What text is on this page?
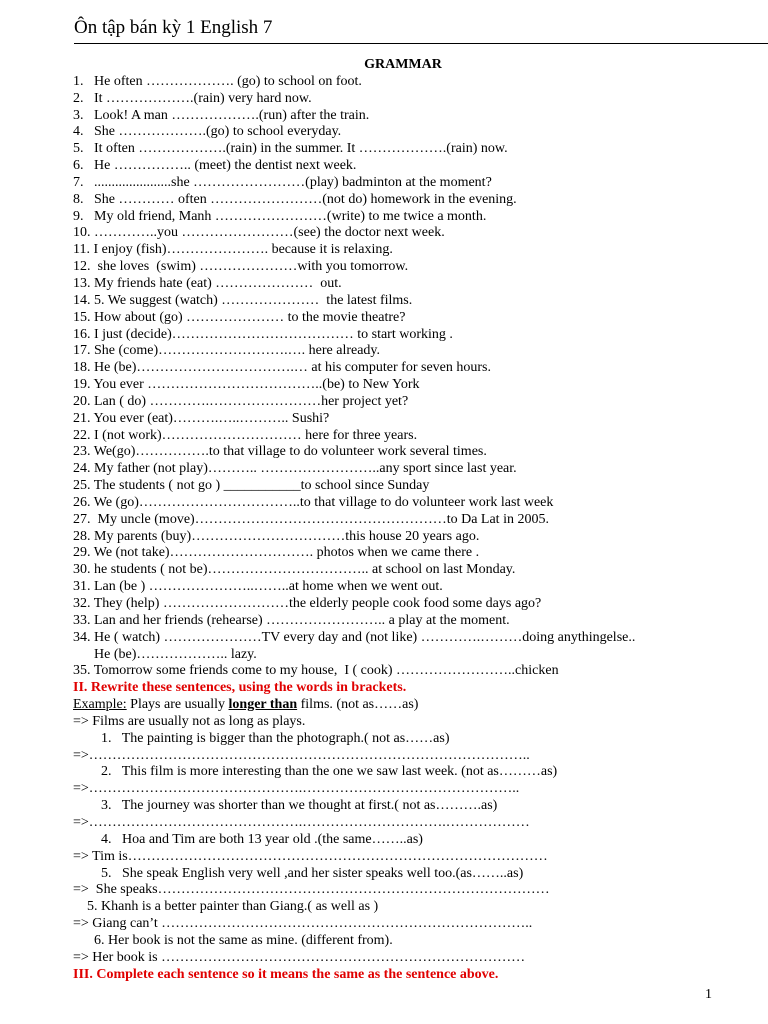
Ôn tập bán kỳ 1 English 7
GRAMMAR
1.   He often ………………. (go) to school on foot.
2.   It ……………….(rain) very hard now.
3.   Look! A man ……………….(run) after the train.
4.   She ……………….(go) to school everyday.
5.   It often ……………….(rain) in the summer. It ……………….(rain) now.
6.   He …………….. (meet) the dentist next week.
7.   ......................she ……………………(play) badminton at the moment?
8.   She ………… often ……………………(not do) homework in the evening.
9.   My old friend, Manh ……………………(write) to me twice a month.
10. …………..you ……………………(see) the doctor next week.
11. I enjoy (fish)…………………. because it is relaxing.
12.  she loves  (swim) …………………with you tomorrow.
13. My friends hate (eat) …………………  out.
14. 5. We suggest (watch) …………………  the latest films.
15. How about (go) ………………… to the movie theatre?
16. I just (decide)………………………………… to start working .
17. She (come)……………………….…. here already.
18. He (be)…………………………….… at his computer for seven hours.
19. You ever ………………………………..(be) to New York
20. Lan ( do) ………….……………………her project yet?
21. You ever (eat)……….…..……….. Sushi?
22. I (not work)………………………… here for three years.
23. We(go)…………….to that village to do volunteer work several times.
24. My father (not play)……….. ……………………..any sport since last year.
25. The students ( not go ) ___________to school since Sunday
26. We (go)……………………………..to that village to do volunteer work last week
27.  My uncle (move)………………………………………………to Da Lat in 2005.
28. My parents (buy)……………………………this house 20 years ago.
29. We (not take)…………………………. photos when we came there .
30. he students ( not be)…………………………….. at school on last Monday.
31. Lan (be ) …………………..……..at home when we went out.
32. They (help) ………………………the elderly people cook food some days ago?
33. Lan and her friends (rehearse) …………………….. a play at the moment.
34. He ( watch) …………………TV every day and (not like) ………….………doing anythingelse..
He (be)……………….. lazy.
35. Tomorrow some friends come to my house,  I ( cook) ……………………..chicken
II. Rewrite these sentences, using the words in brackets.
Example: Plays are usually longer than films. (not as……as)
=> Films are usually not as long as plays.
1.   The painting is bigger than the photograph.( not as……as)
=>…………………………………………………………………………………..
2.   This film is more interesting than the one we saw last week. (not as………as)
=>……………………………………….………………………………………..
3.   The journey was shorter than we thought at first.( not as……….as)
=>……………………………………….………………………….………………
4.   Hoa and Tim are both 13 year old .(the same……..as)
=> Tim is………………………………………………………………………………
5.   She speak English very well ,and her sister speaks well too.(as……..as)
=>  She speaks…………………………………………………………………………
5. Khanh is a better painter than Giang.( as well as )
=> Giang can’t ……………………………………………………………………..
6. Her book is not the same as mine. (different from).
=> Her book is ……………………………………………………………………
III. Complete each sentence so it means the same as the sentence above.
1
